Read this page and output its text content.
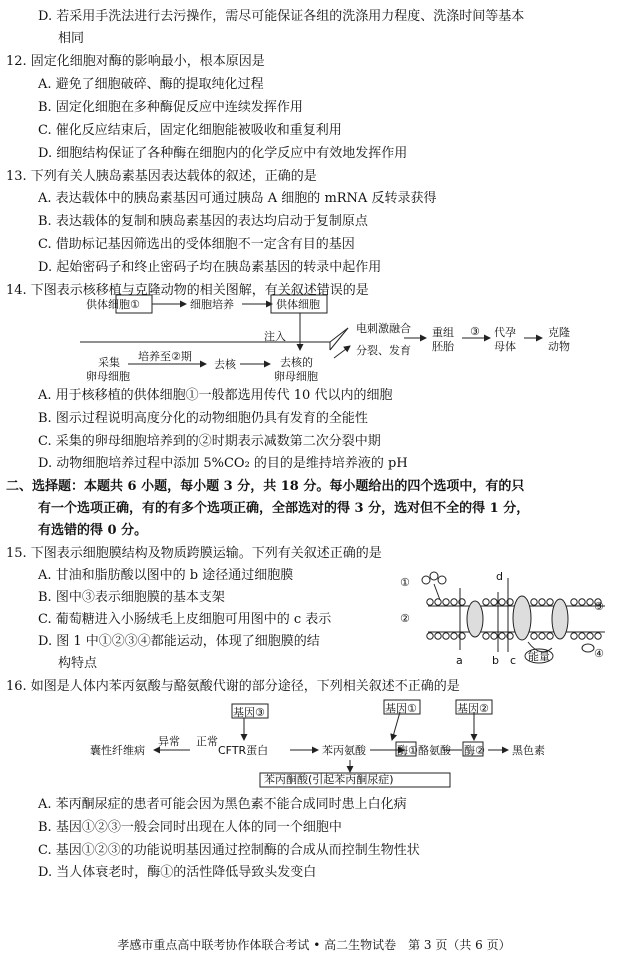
D. 若采用手洗法进行去污操作，需尽可能保证各组的洗涤用力程度、洗涤时间等基本
相同
12. 固定化细胞对酶的影响最小，根本原因是
A. 避免了细胞破碎、酶的提取纯化过程
B. 固定化细胞在多种酶促反应中连续发挥作用
C. 催化反应结束后，固定化细胞能被吸收和重复利用
D. 细胞结构保证了各种酶在细胞内的化学反应中有效地发挥作用
13. 下列有关人胰岛素基因表达载体的叙述，正确的是
A. 表达载体中的胰岛素基因可通过胰岛 A 细胞的 mRNA 反转录获得
B. 表达载体的复制和胰岛素基因的表达均启动于复制原点
C. 借助标记基因筛选出的受体细胞不一定含有目的基因
D. 起始密码子和终止密码子均在胰岛素基因的转录中起作用
14. 下图表示核移植与克隆动物的相关图解，有关叙述错误的是
供体细胞①	细胞培养	供体细胞
注入
电刺激融合
分裂、发育
重组
胚胎
③ 代孕
母体
克隆
动物
采集
卵母细胞
培养至②期
去核	去核的
卵母细胞
A. 用于核移植的供体细胞①一般都选用传代 10 代以内的细胞
B. 图示过程说明高度分化的动物细胞仍具有发育的全能性
C. 采集的卵母细胞培养到的②时期表示减数第二次分裂中期
D. 动物细胞培养过程中添加 5%CO₂ 的目的是维持培养液的 pH
二、选择题：本题共 6 小题，每小题 3 分，共 18 分。每小题给出的四个选项中，有的只
有一个选项正确，有的有多个选项正确，全部选对的得 3 分，选对但不全的得 1 分，
有选错的得 0 分。
15. 下图表示细胞膜结构及物质跨膜运输。下列有关叙述正确的是
A. 甘油和脂肪酸以图中的 b 途径通过细胞膜
B. 图中③表示细胞膜的基本支架
C. 葡萄糖进入小肠绒毛上皮细胞可用图中的 c 表示
D. 图 1 中①②③④都能运动，体现了细胞膜的结
构特点
①
②
③
④
a	b c
d
能量
16. 如图是人体内苯丙氨酸与酪氨酸代谢的部分途径，下列相关叙述不正确的是
基因③	基因①	基因②
囊性纤维病
异常 正常
CFTR蛋白	苯丙氨酸	酶① 酪氨酸 酶② 黑色素
苯丙酮酸(引起苯丙酮尿症)
A. 苯丙酮尿症的患者可能会因为黑色素不能合成同时患上白化病
B. 基因①②③一般会同时出现在人体的同一个细胞中
C. 基因①②③的功能说明基因通过控制酶的合成从而控制生物性状
D. 当人体衰老时，酶①的活性降低导致头发变白
孝感市重点高中联考协作体联合考试 • 高二生物试卷　第 3 页（共 6 页）
